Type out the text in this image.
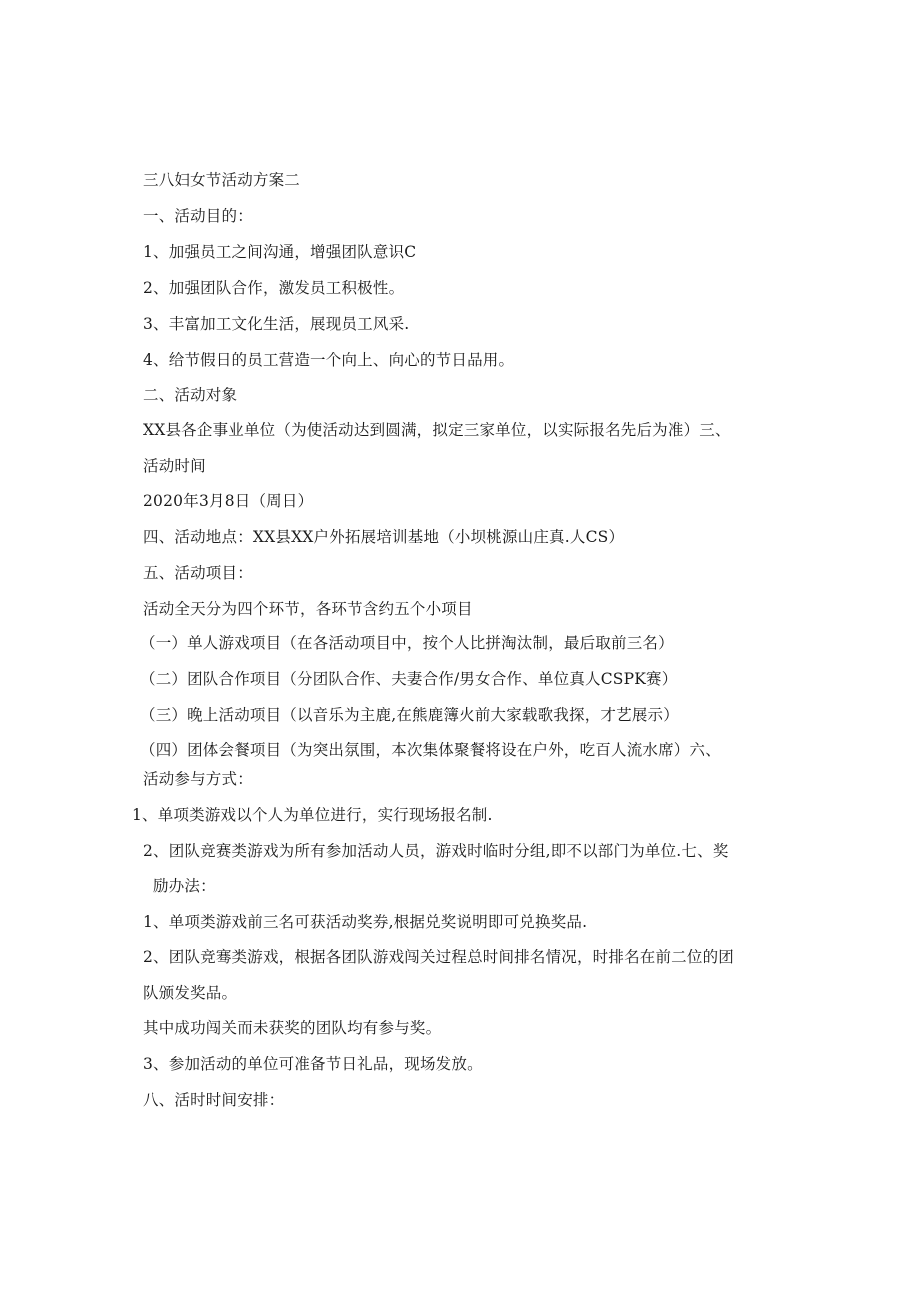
三八妇女节活动方案二
一、活动目的：
1、加强员工之间沟通，增强团队意识C
2、加强团队合作，激发员工积极性。
3、丰富加工文化生活，展现员工风采.
4、给节假日的员工营造一个向上、向心的节日品用。
二、活动对象
XX县各企事业单位（为使活动达到圆满，拟定三家单位，以实际报名先后为准）三、
活动时间
2020年3月8日（周日）
四、活动地点：XX县XX户外拓展培训基地（小坝桃源山庄真.人CS）
五、活动项目：
活动全天分为四个环节，各环节含约五个小项目
（一）单人游戏项目（在各活动项目中，按个人比拼淘汰制，最后取前三名）
（二）团队合作项目（分团队合作、夫妻合作/男女合作、单位真人CSPK赛）
（三）晚上活动项目（以音乐为主鹿,在熊鹿簿火前大家载歌我探，才艺展示）
（四）团体会餐项目（为突出氛围，本次集体聚餐将设在户外，吃百人流水席）六、
活动参与方式：
1、单项类游戏以个人为单位进行，实行现场报名制.
2、团队竞赛类游戏为所有参加活动人员，游戏时临时分组,即不以部门为单位.七、奖
励办法：
1、单项类游戏前三名可获活动奖券,根据兑奖说明即可兑换奖品.
2、团队竞骞类游戏，根据各团队游戏闯关过程总时间排名情况，时排名在前二位的团
队颁发奖品。
其中成功闯关而未获奖的团队均有参与奖。
3、参加活动的单位可准备节日礼品，现场发放。
八、活时时间安排：
